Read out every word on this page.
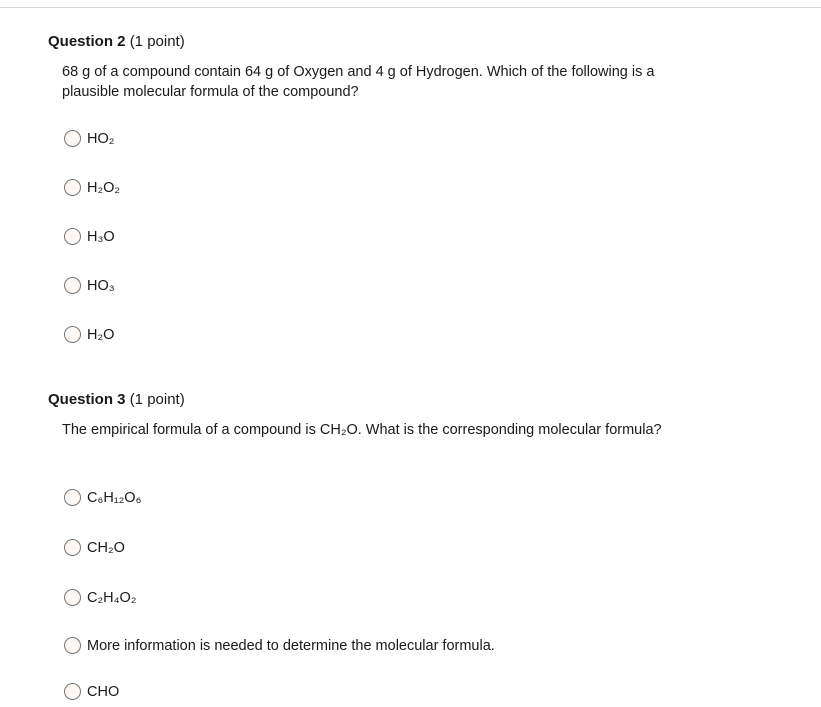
Question 2 (1 point)
68 g of a compound contain 64 g of Oxygen and 4 g of Hydrogen. Which of the following is a plausible molecular formula of the compound?
HO₂
H₂O₂
H₃O
HO₃
H₂O
Question 3 (1 point)
The empirical formula of a compound is CH₂O. What is the corresponding molecular formula?
C₆H₁₂O₆
CH₂O
C₂H₄O₂
More information is needed to determine the molecular formula.
CHO
